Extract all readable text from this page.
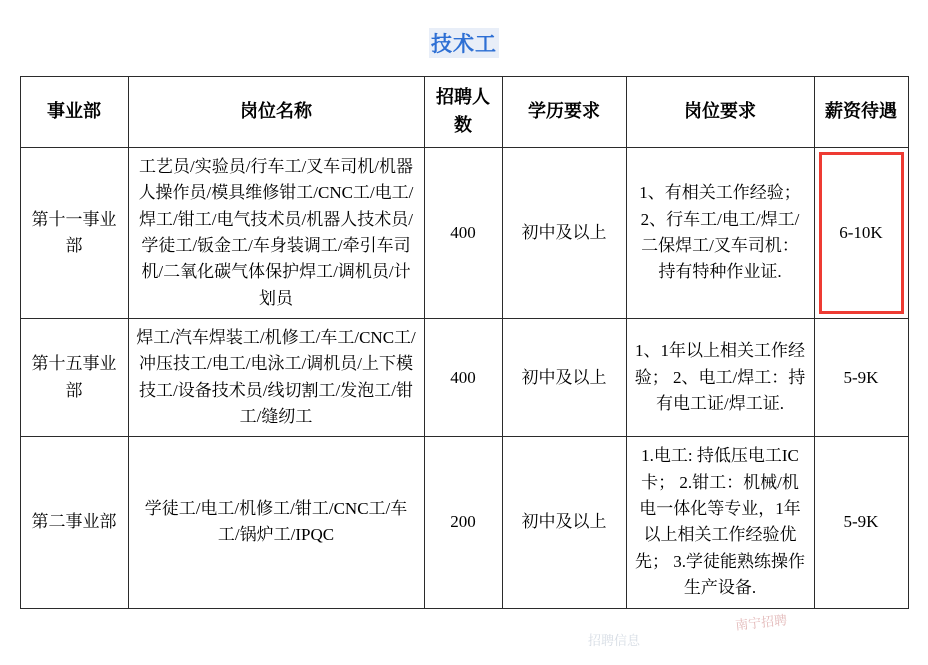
技术工
事业部	岗位名称	招聘人数	学历要求	岗位要求	薪资待遇
第十一事业部	工艺员/实验员/行车工/叉车司机/机器人操作员/模具维修钳工/CNC工/电工/焊工/钳工/电气技术员/机器人技术员/学徒工/钣金工/车身装调工/牵引车司机/二氧化碳气体保护焊工/调机员/计划员	400	初中及以上	1、有相关工作经验； 2、行车工/电工/焊工/二保焊工/叉车司机：持有特种作业证.	6-10K

第十五事业部	焊工/汽车焊装工/机修工/车工/CNC工/冲压技工/电工/电泳工/调机员/上下模技工/设备技术员/线切割工/发泡工/钳工/缝纫工	400	初中及以上	1、1年以上相关工作经验； 2、电工/焊工：持有电工证/焊工证.	5-9K
第二事业部	学徒工/电工/机修工/钳工/CNC工/车工/锅炉工/IPQC	200	初中及以上	1.电工: 持低压电工IC卡； 2.钳工：机械/机电一体化等专业，1年以上相关工作经验优先； 3.学徒能熟练操作生产设备.	5-9K
南宁招聘
招聘信息
